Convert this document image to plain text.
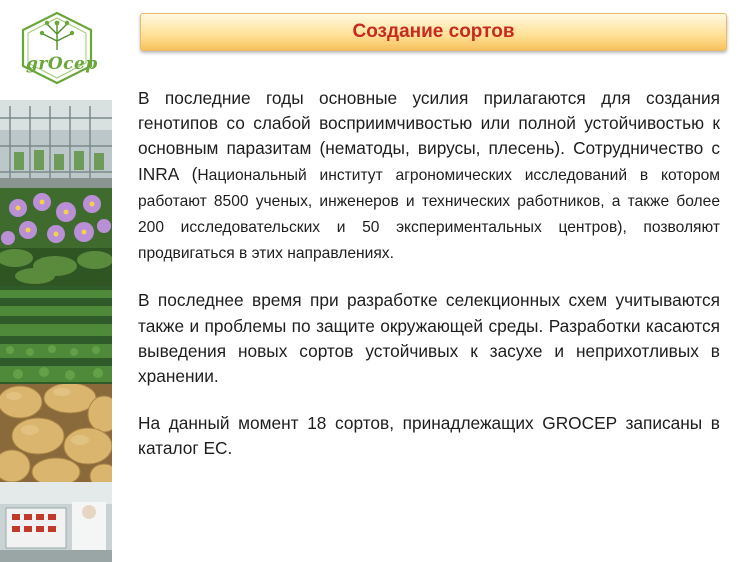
grOcep
Создание сортов

В последние годы основные усилия прилагаются для создания генотипов со слабой восприимчивостью или полной устойчивостью к основным паразитам (нематоды, вирусы, плесень). Сотрудничество с INRA (Национальный институт агрономических исследований в котором работают 8500 ученых, инженеров и технических работников, а также более 200 исследовательских и 50 экспериментальных центров), позволяют продвигаться в этих направлениях.

В последнее время при разработке селекционных схем учитываются также и проблемы по защите окружающей среды. Разработки касаются выведения новых сортов устойчивых к засухе и неприхотливых в хранении.

На данный момент 18 сортов, принадлежащих GROCEP записаны в каталог ЕС.
